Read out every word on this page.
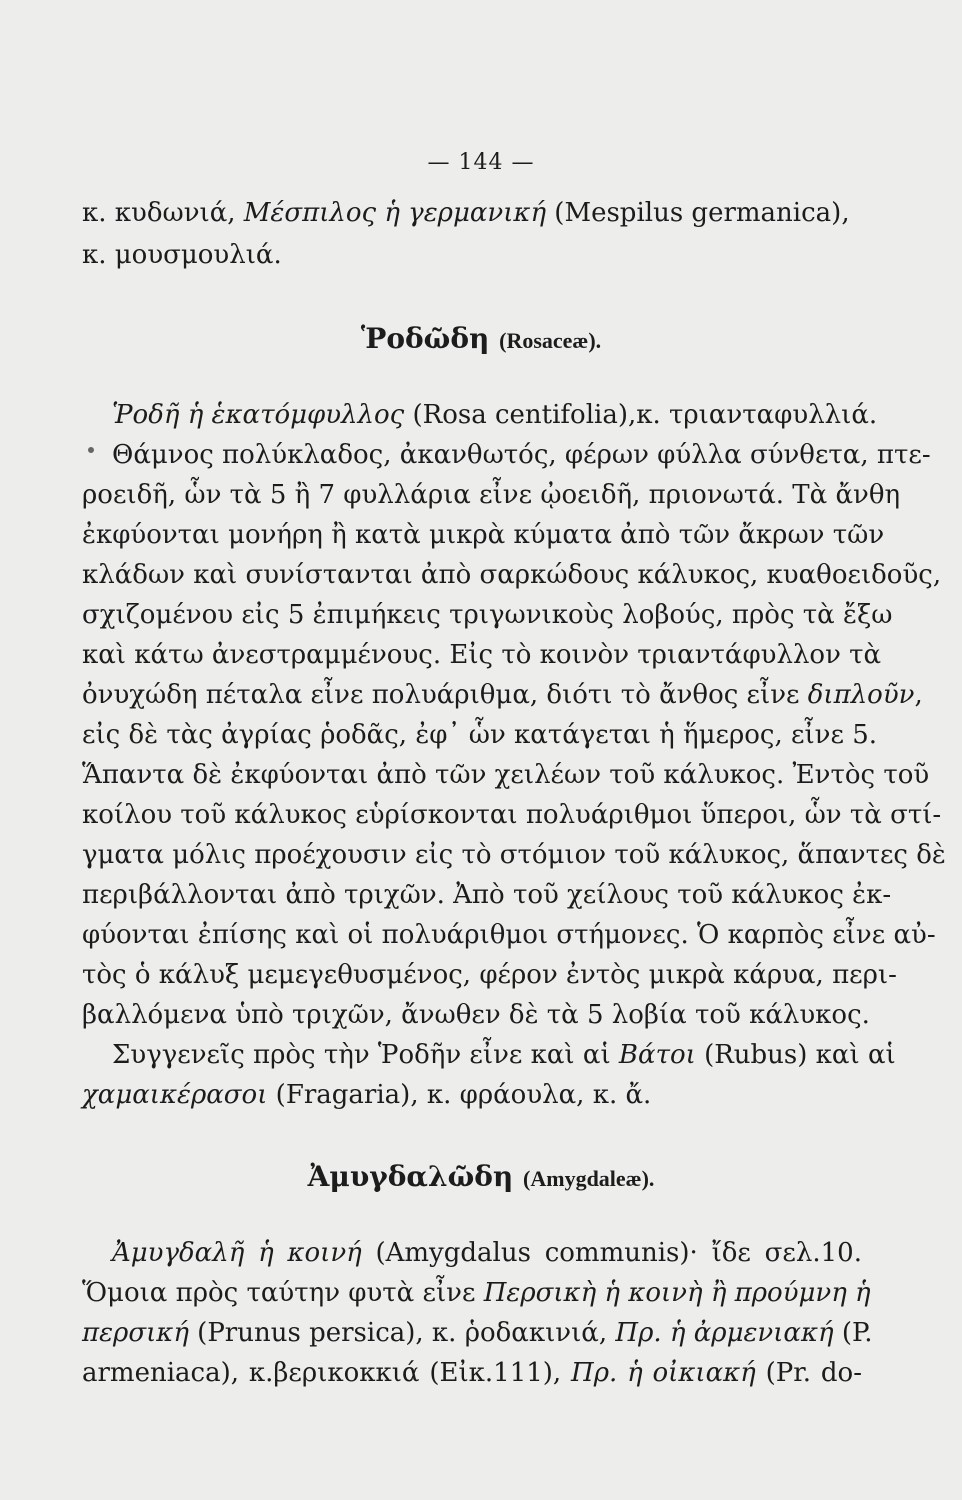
— 144 —
κ. κυδωνιά, Μέσπιλος ἡ γερμανική (Mespilus germanica),
κ. μουσμουλιά.
Ῥοδῶδη (Rosaceæ).
Ῥοδῆ ἡ ἑκατόμφυλλος (Rosa centifolia),κ. τριανταφυλλιά.
Θάμνος πολύκλαδος, ἀκανθωτός, φέρων φύλλα σύνθετα, πτε-
ροειδῆ, ὧν τὰ 5 ἢ 7 φυλλάρια εἶνε ᾠοειδῆ, πριονωτά. Τὰ ἄνθη
ἐκφύονται μονήρη ἢ κατὰ μικρὰ κύματα ἀπὸ τῶν ἄκρων τῶν
κλάδων καὶ συνίστανται ἀπὸ σαρκώδους κάλυκος, κυαθοειδοῦς,
σχιζομένου εἰς 5 ἐπιμήκεις τριγωνικοὺς λοβούς, πρὸς τὰ ἔξω
καὶ κάτω ἀνεστραμμένους. Εἰς τὸ κοινὸν τριαντάφυλλον τὰ
ὀνυχώδη πέταλα εἶνε πολυάριθμα, διότι τὸ ἄνθος εἶνε διπλοῦν,
εἰς δὲ τὰς ἀγρίας ῥοδᾶς, ἐφ᾽ ὧν κατάγεται ἡ ἥμερος, εἶνε 5.
Ἅπαντα δὲ ἐκφύονται ἀπὸ τῶν χειλέων τοῦ κάλυκος. Ἐντὸς τοῦ
κοίλου τοῦ κάλυκος εὑρίσκονται πολυάριθμοι ὕπεροι, ὧν τὰ στί-
γματα μόλις προέχουσιν εἰς τὸ στόμιον τοῦ κάλυκος, ἅπαντες δὲ
περιβάλλονται ἀπὸ τριχῶν. Ἀπὸ τοῦ χείλους τοῦ κάλυκος ἐκ-
φύονται ἐπίσης καὶ οἱ πολυάριθμοι στήμονες. Ὁ καρπὸς εἶνε αὐ-
τὸς ὁ κάλυξ μεμεγεθυσμένος, φέρον ἐντὸς μικρὰ κάρυα, περι-
βαλλόμενα ὑπὸ τριχῶν, ἄνωθεν δὲ τὰ 5 λοβία τοῦ κάλυκος.
Συγγενεῖς πρὸς τὴν Ῥοδῆν εἶνε καὶ αἱ Βάτοι (Rubus) καὶ αἱ
χαμαικέρασοι (Fragaria), κ. φράουλα, κ. ἄ.
Ἀμυγδαλῶδη (Amygdaleæ).
Ἀμυγδαλῆ ἡ κοινή (Amygdalus communis)· ἴδε σελ.10.
Ὅμοια πρὸς ταύτην φυτὰ εἶνε Περσικὴ ἡ κοινὴ ἢ προύμνη ἡ
περσική (Prunus persica), κ. ῥοδακινιά, Πρ. ἡ ἀρμενιακή (P.
armeniaca), κ.βερικοκκιά (Εἰκ.111), Πρ. ἡ οἰκιακή (Pr. do-
